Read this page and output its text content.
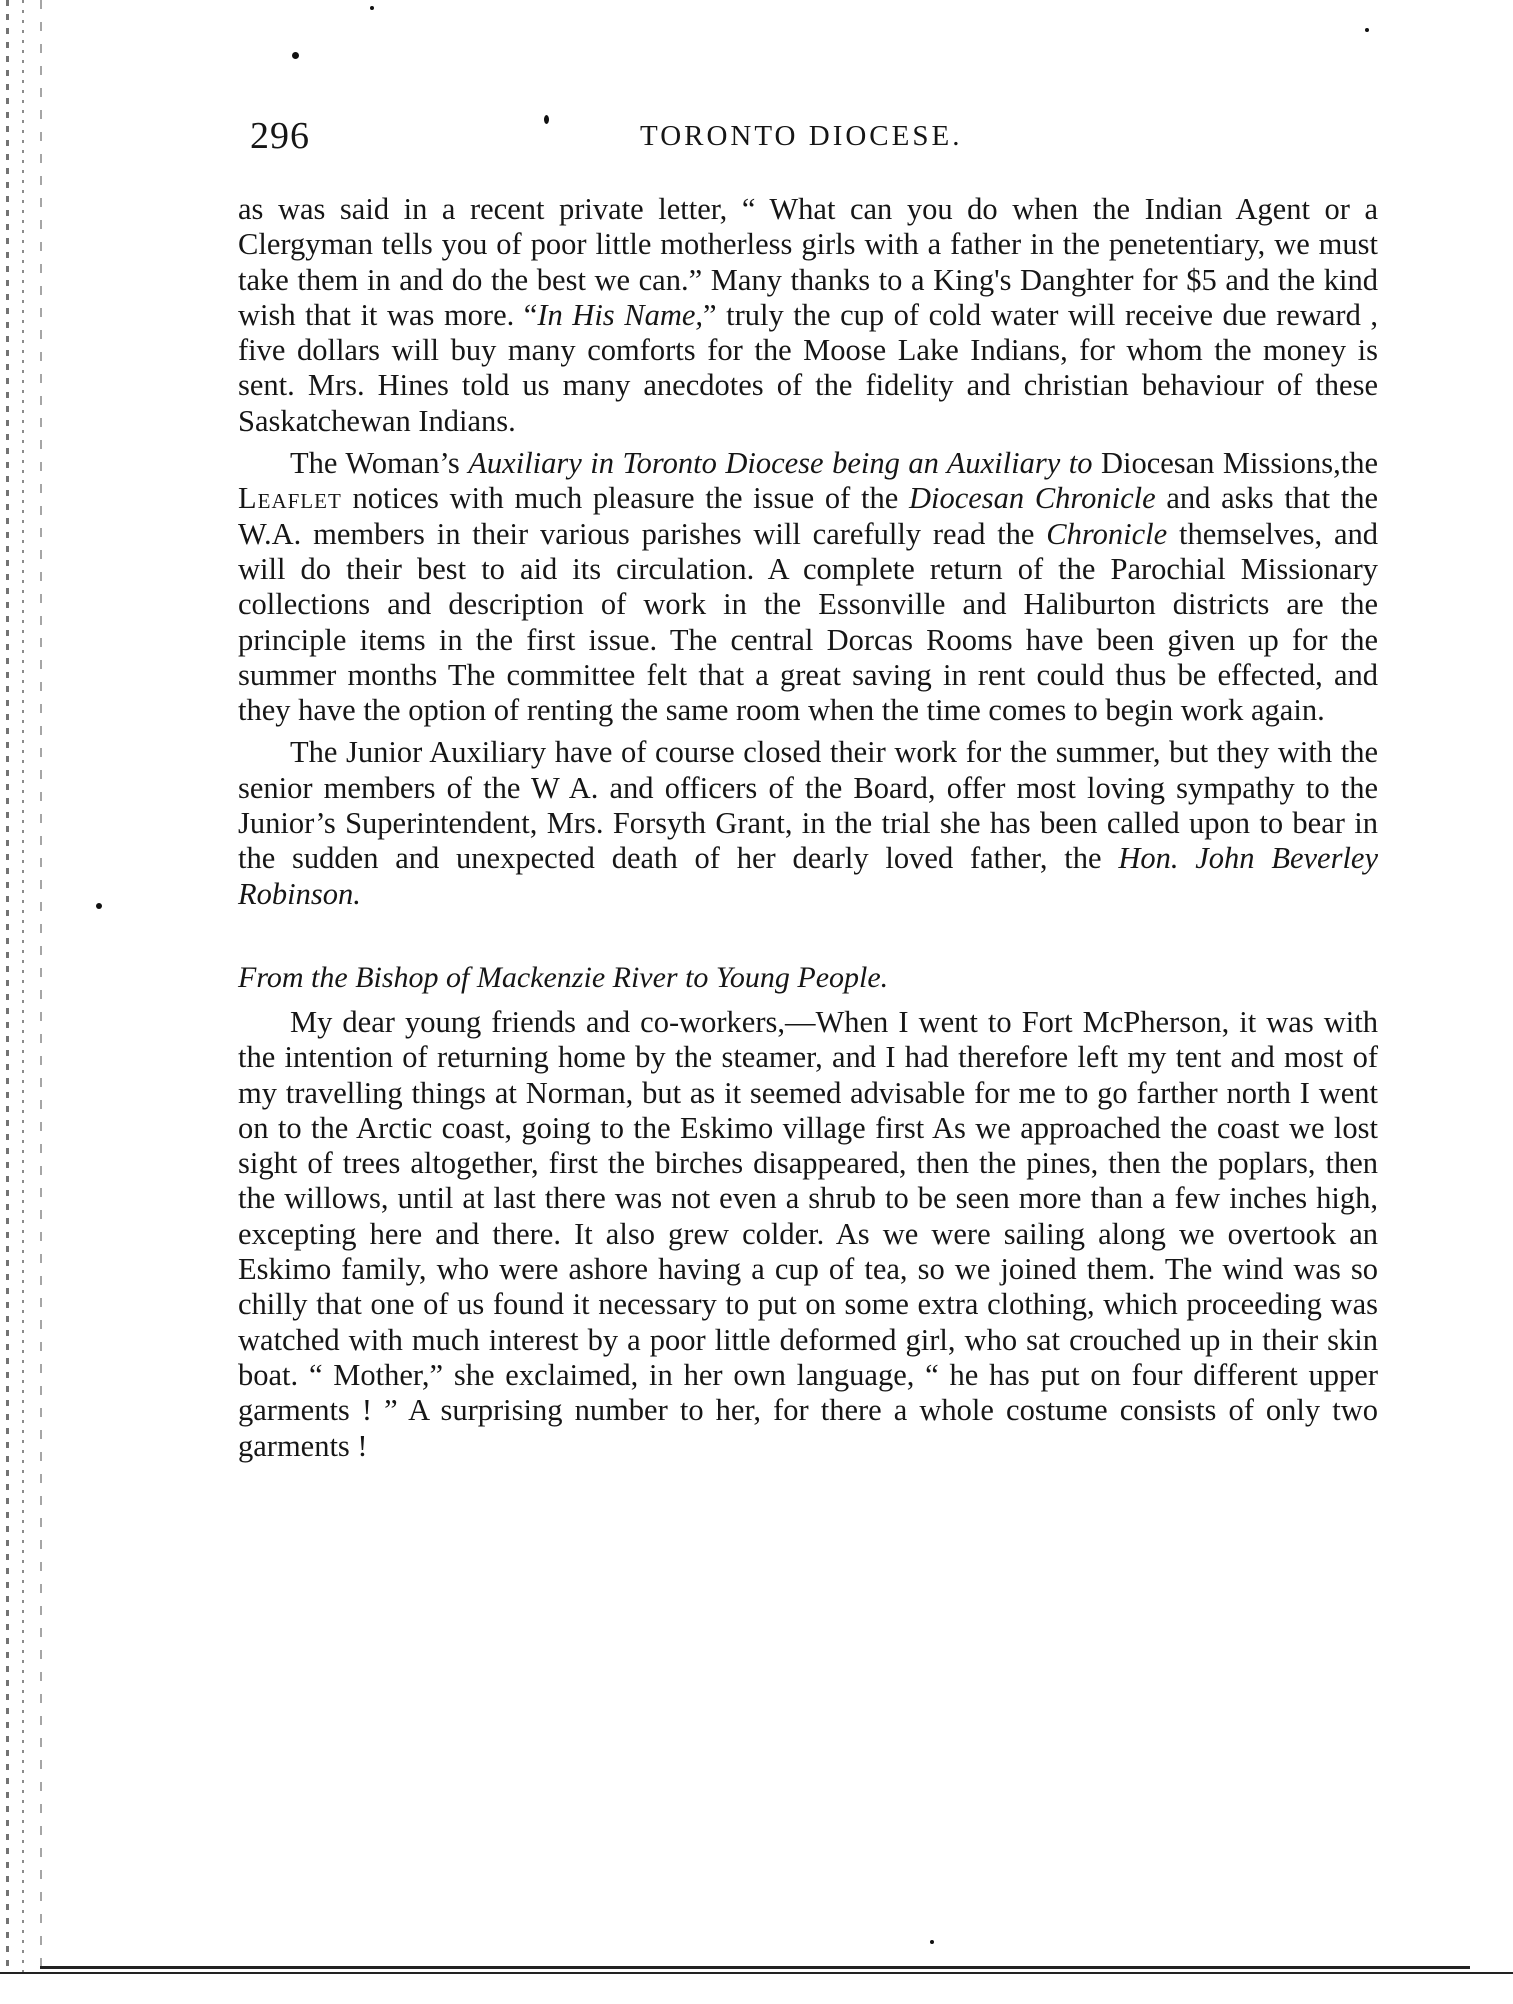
296	TORONTO DIOCESE.

as was said in a recent private letter, “ What can you do when the Indian Agent or a Clergyman tells you of poor little motherless girls with a father in the penetentiary, we must take them in and do the best we can.” Many thanks to a King's Danghter for $5 and the kind wish that it was more. “In His Name,” truly the cup of cold water will receive due reward , five dollars will buy many comforts for the Moose Lake Indians, for whom the money is sent. Mrs. Hines told us many anecdotes of the fidelity and christian behaviour of these Saskatchewan Indians.

The Woman’s Auxiliary in Toronto Diocese being an Auxiliary to Diocesan Missions,the Leaflet notices with much pleasure the issue of the Diocesan Chronicle and asks that the W.A. members in their various parishes will carefully read the Chronicle themselves, and will do their best to aid its circulation. A complete return of the Parochial Missionary collections and description of work in the Essonville and Haliburton districts are the principle items in the first issue. The central Dorcas Rooms have been given up for the summer months The committee felt that a great saving in rent could thus be effected, and they have the option of renting the same room when the time comes to begin work again.

The Junior Auxiliary have of course closed their work for the summer, but they with the senior members of the W A. and officers of the Board, offer most loving sympathy to the Junior’s Superintendent, Mrs. Forsyth Grant, in the trial she has been called upon to bear in the sudden and unexpected death of her dearly loved father, the Hon. John Beverley Robinson.

From the Bishop of Mackenzie River to Young People.

My dear young friends and co-workers,—When I went to Fort McPherson, it was with the intention of returning home by the steamer, and I had therefore left my tent and most of my travelling things at Norman, but as it seemed advisable for me to go farther north I went on to the Arctic coast, going to the Eskimo village first As we approached the coast we lost sight of trees altogether, first the birches disappeared, then the pines, then the poplars, then the willows, until at last there was not even a shrub to be seen more than a few inches high, excepting here and there. It also grew colder. As we were sailing along we overtook an Eskimo family, who were ashore having a cup of tea, so we joined them. The wind was so chilly that one of us found it necessary to put on some extra clothing, which proceeding was watched with much interest by a poor little deformed girl, who sat crouched up in their skin boat. “ Mother,” she exclaimed, in her own language, “ he has put on four different upper garments ! ” A surprising number to her, for there a whole costume consists of only two garments !
